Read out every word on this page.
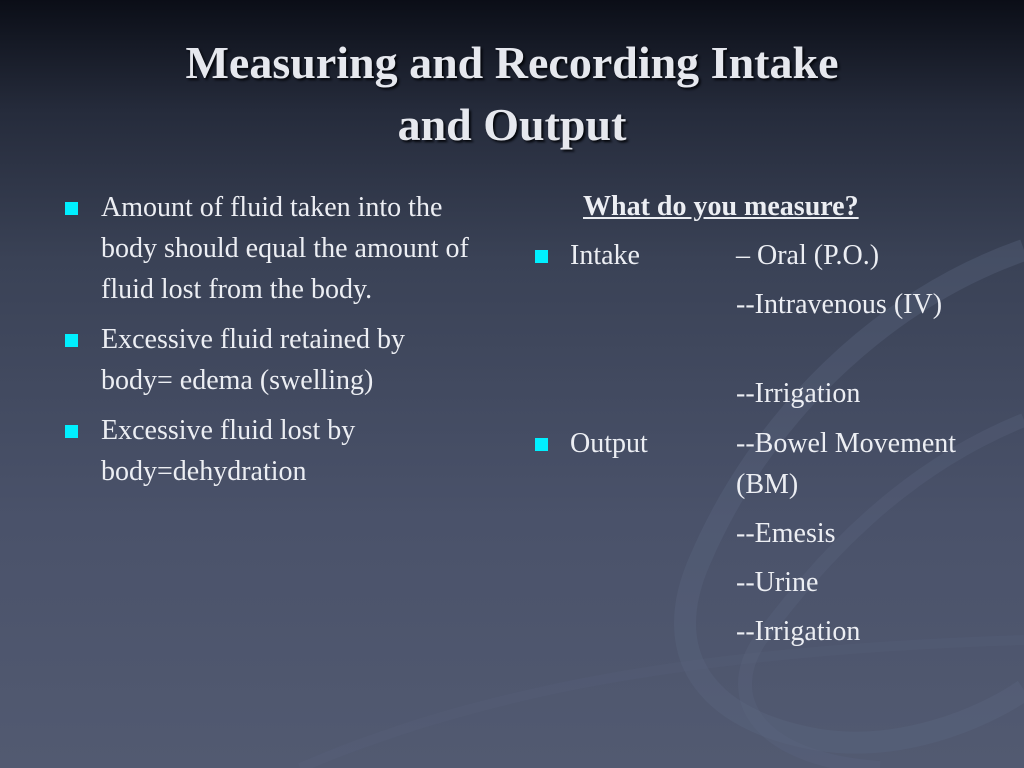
Measuring and Recording Intake
and Output
Amount of fluid taken into the body should equal the amount of fluid lost from the body.
Excessive fluid retained by body= edema (swelling)
Excessive fluid lost by body=dehydration
What do you measure?
Intake	– Oral (P.O.)
--Intravenous (IV)
--Irrigation
Output	--Bowel Movement (BM)
--Emesis
--Urine
--Irrigation
